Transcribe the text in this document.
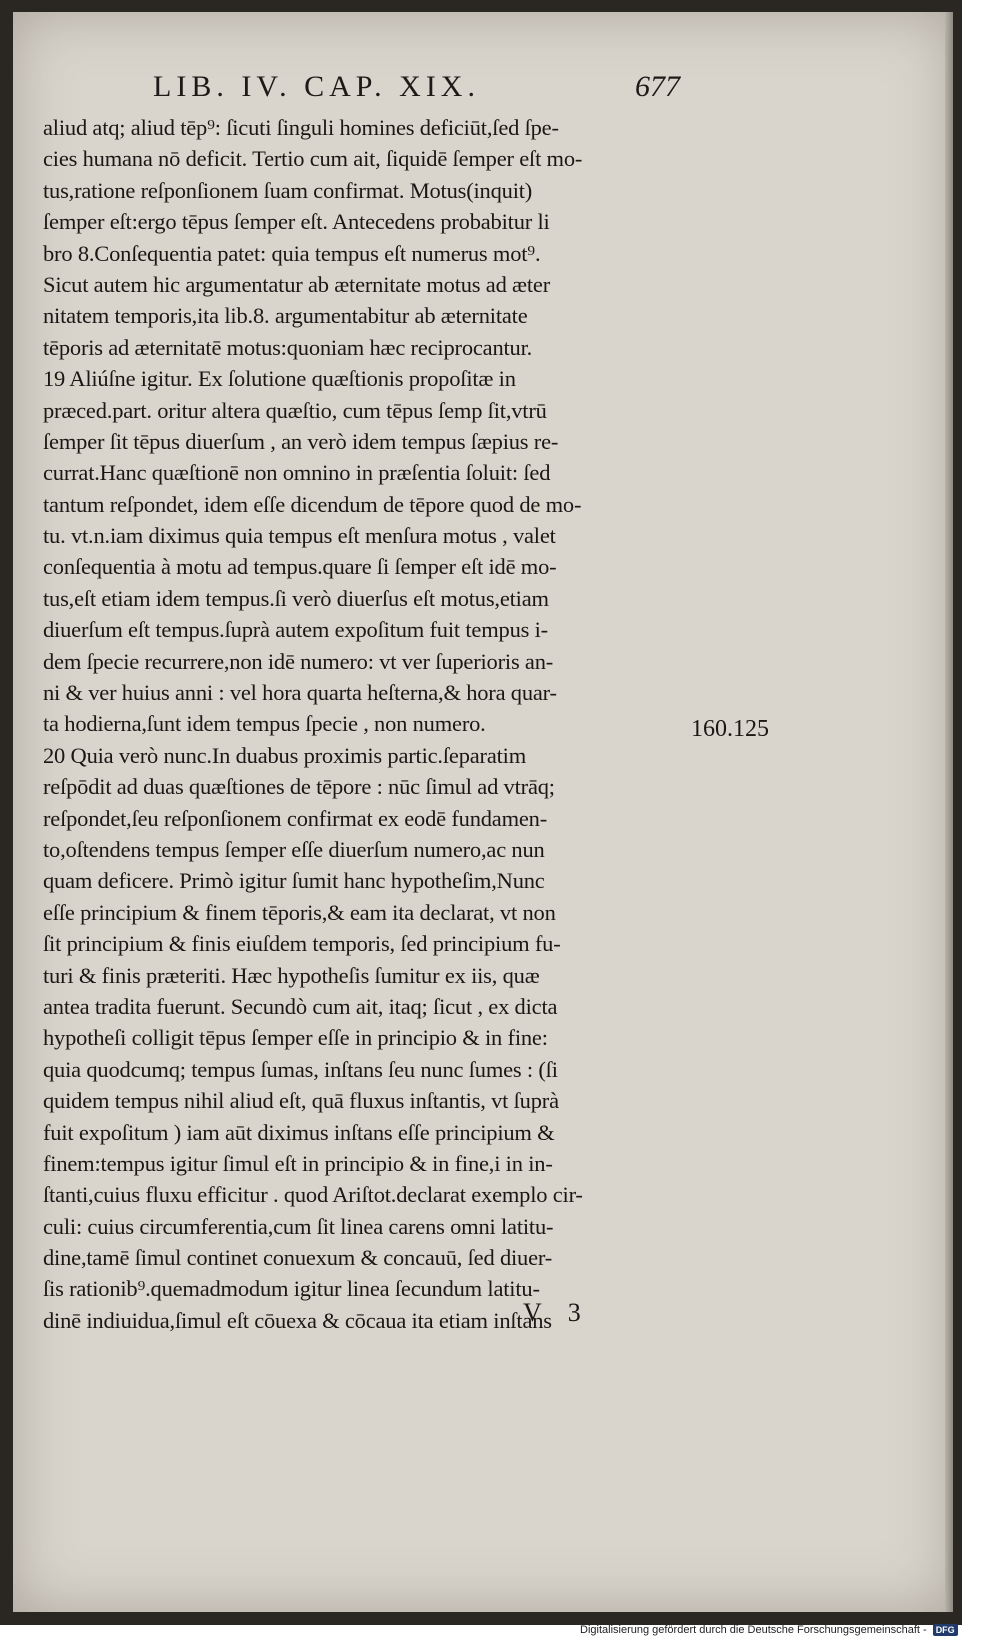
LIB. IV. CAP. XIX.	677
aliud atq; aliud tēp⁹: ſicuti ſinguli homines deficiūt,ſed ſpe-
cies humana nō deficit. Tertio cum ait, ſiquidē ſemper eſt mo-
tus,ratione reſponſionem ſuam confirmat. Motus(inquit)
ſemper eſt:ergo tēpus ſemper eſt. Antecedens probabitur li
bro 8.Conſequentia patet: quia tempus eſt numerus mot⁹.
Sicut autem hic argumentatur ab æternitate motus ad æter
nitatem temporis,ita lib.8. argumentabitur ab æternitate
tēporis ad æternitatē motus:quoniam hæc reciprocantur.
19 Aliúſne igitur. Ex ſolutione quæſtionis propoſitæ in
præced.part. oritur altera quæſtio, cum tēpus ſemp ſit,vtrū
ſemper ſit tēpus diuerſum , an verò idem tempus ſæpius re-
currat.Hanc quæſtionē non omnino in præſentia ſoluit: ſed
tantum reſpondet, idem eſſe dicendum de tēpore quod de mo-
tu. vt.n.iam diximus quia tempus eſt menſura motus , valet
conſequentia à motu ad tempus.quare ſi ſemper eſt idē mo-
tus,eſt etiam idem tempus.ſi verò diuerſus eſt motus,etiam
diuerſum eſt tempus.ſuprà autem expoſitum fuit tempus i-
dem ſpecie recurrere,non idē numero: vt ver ſuperioris an-
ni & ver huius anni : vel hora quarta heſterna,& hora quar-
ta hodierna,ſunt idem tempus ſpecie , non numero.
20 Quia verò nunc.In duabus proximis partic.ſeparatim
reſpōdit ad duas quæſtiones de tēpore : nūc ſimul ad vtrāq;
reſpondet,ſeu reſponſionem confirmat ex eodē fundamen-
to,oſtendens tempus ſemper eſſe diuerſum numero,ac nun
quam deficere. Primò igitur ſumit hanc hypotheſim,Nunc
eſſe principium & finem tēporis,& eam ita declarat, vt non
ſit principium & finis eiuſdem temporis, ſed principium fu-
turi & finis præteriti. Hæc hypotheſis ſumitur ex iis, quæ
antea tradita fuerunt. Secundò cum ait, itaq; ſicut , ex dicta
hypotheſi colligit tēpus ſemper eſſe in principio & in fine:
quia quodcumq; tempus ſumas, inſtans ſeu nunc ſumes : (ſi
quidem tempus nihil aliud eſt, quā fluxus inſtantis, vt ſuprà
fuit expoſitum ) iam aūt diximus inſtans eſſe principium &
finem:tempus igitur ſimul eſt in principio & in fine,i in in-
ſtanti,cuius fluxu efficitur . quod Ariſtot.declarat exemplo cir-
culi: cuius circumferentia,cum ſit linea carens omni latitu-
dine,tamē ſimul continet conuexum & concauū, ſed diuer-
ſis rationib⁹.quemadmodum igitur linea ſecundum latitu-
dinē indiuidua,ſimul eſt cōuexa & cōcaua ita etiam inſtans
160.125
V 3
Digitalisierung gefördert durch die Deutsche Forschungsgemeinschaft -	DFG
